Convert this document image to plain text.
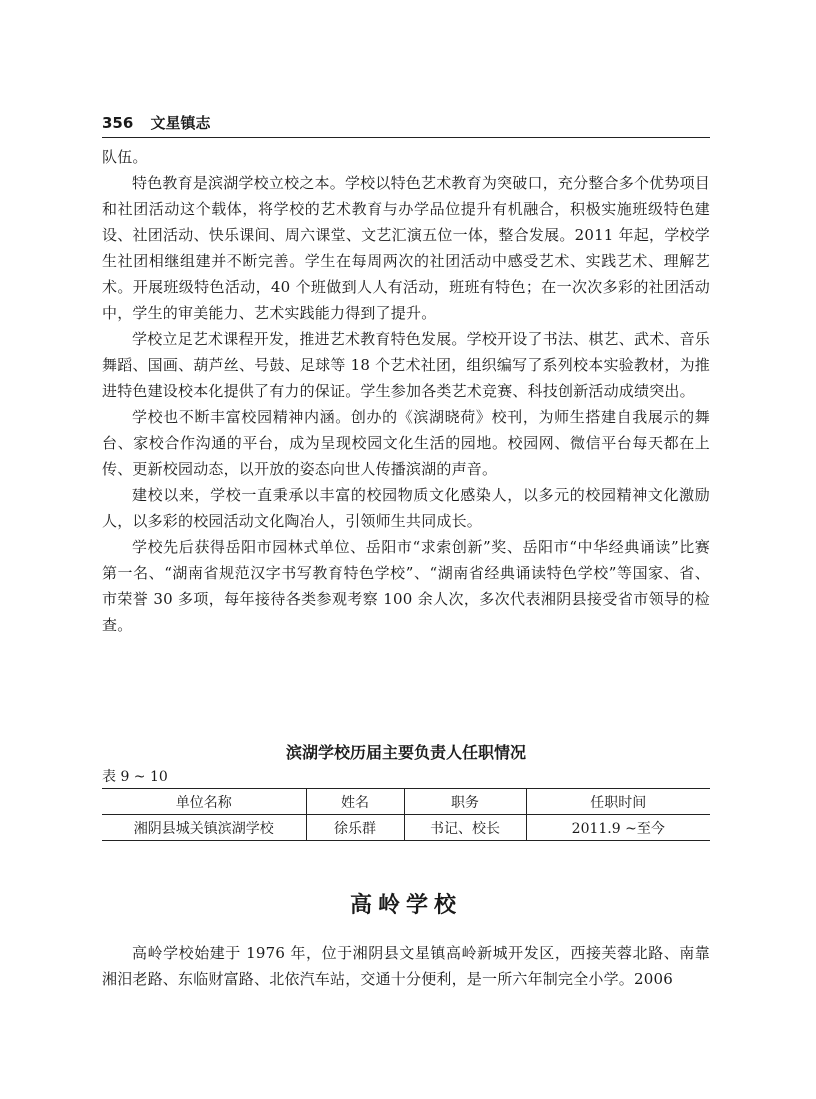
356 文星镇志

队伍。

特色教育是滨湖学校立校之本。学校以特色艺术教育为突破口，充分整合多个优势项目和社团活动这个载体，将学校的艺术教育与办学品位提升有机融合，积极实施班级特色建设、社团活动、快乐课间、周六课堂、文艺汇演五位一体，整合发展。2011 年起，学校学生社团相继组建并不断完善。学生在每周两次的社团活动中感受艺术、实践艺术、理解艺术。开展班级特色活动，40 个班做到人人有活动，班班有特色；在一次次多彩的社团活动中，学生的审美能力、艺术实践能力得到了提升。

学校立足艺术课程开发，推进艺术教育特色发展。学校开设了书法、棋艺、武术、音乐舞蹈、国画、葫芦丝、号鼓、足球等 18 个艺术社团，组织编写了系列校本实验教材，为推进特色建设校本化提供了有力的保证。学生参加各类艺术竞赛、科技创新活动成绩突出。

学校也不断丰富校园精神内涵。创办的《滨湖晓荷》校刊，为师生搭建自我展示的舞台、家校合作沟通的平台，成为呈现校园文化生活的园地。校园网、微信平台每天都在上传、更新校园动态，以开放的姿态向世人传播滨湖的声音。

建校以来，学校一直秉承以丰富的校园物质文化感染人，以多元的校园精神文化激励人，以多彩的校园活动文化陶冶人，引领师生共同成长。

学校先后获得岳阳市园林式单位、岳阳市“求索创新”奖、岳阳市“中华经典诵读”比赛第一名、“湖南省规范汉字书写教育特色学校”、“湖南省经典诵读特色学校”等国家、省、市荣誉 30 多项，每年接待各类参观考察 100 余人次，多次代表湘阴县接受省市领导的检查。

滨湖学校历届主要负责人任职情况
表 9 ~ 10
单位名称	姓名	职务	任职时间
湘阴县城关镇滨湖学校	徐乐群	书记、校长	2011.9 ~至今
高岭学校

高岭学校始建于 1976 年，位于湘阴县文星镇高岭新城开发区，西接芙蓉北路、南靠湘汨老路、东临财富路、北依汽车站，交通十分便利，是一所六年制完全小学。2006
